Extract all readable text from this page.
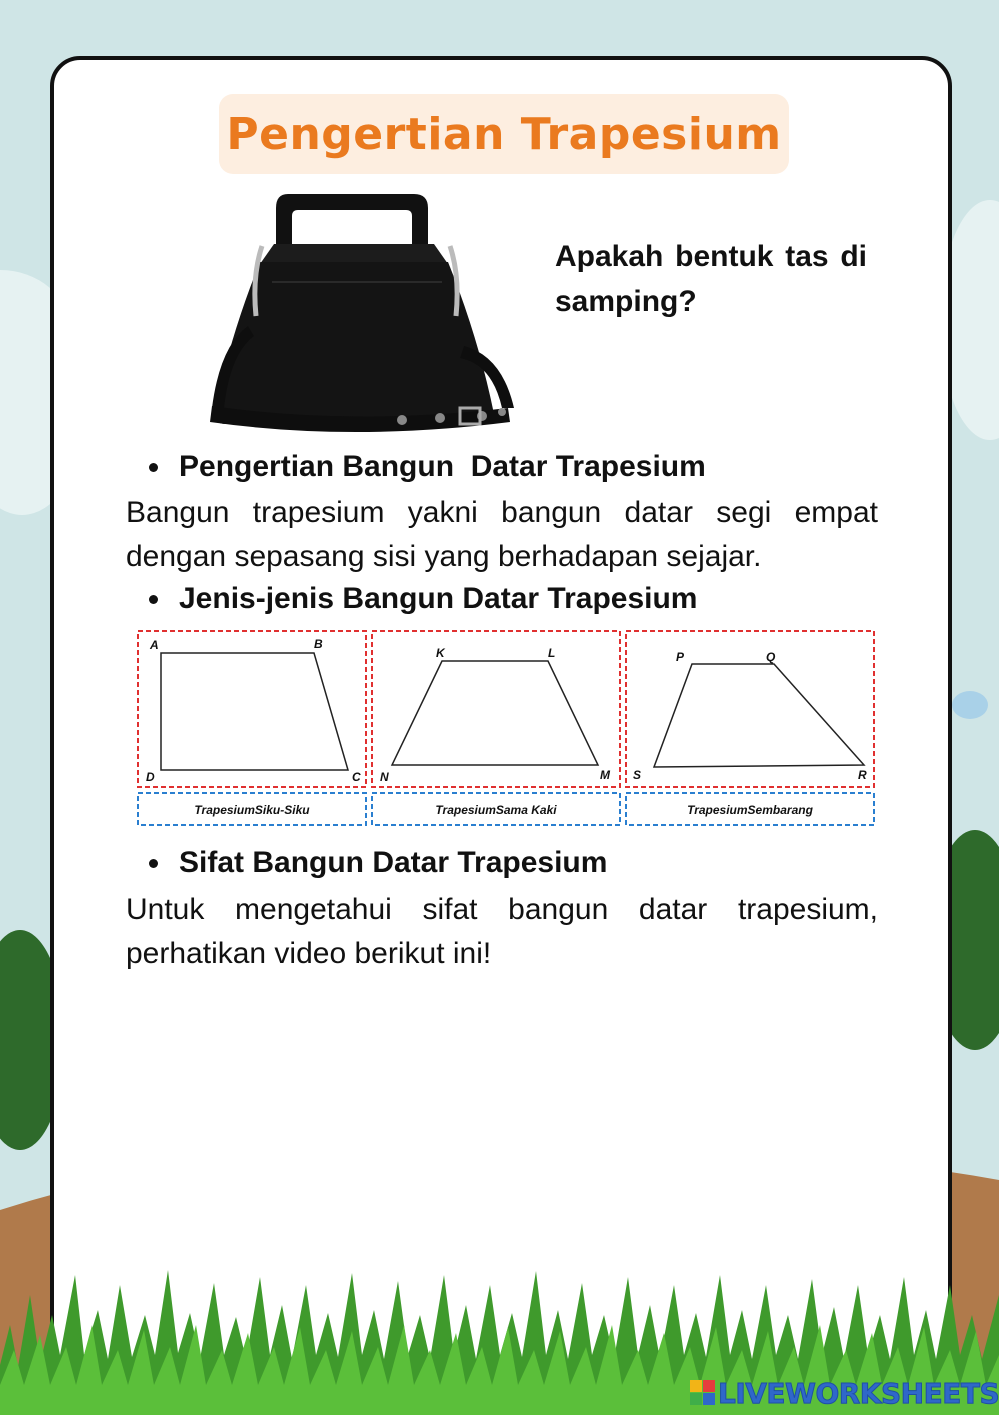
Pengertian Trapesium
Apakah bentuk tas di samping?
Pengertian Bangun  Datar Trapesium
Bangun trapesium yakni bangun datar segi empat dengan sepasang sisi yang berhadapan sejajar.
Jenis-jenis Bangun Datar Trapesium
A	B
C
D
TrapesiumSiku-Siku
K	L
M
N
TrapesiumSama Kaki
P	Q
R
S
TrapesiumSembarang
Sifat Bangun Datar Trapesium
Untuk mengetahui sifat bangun datar trapesium, perhatikan video berikut ini!
LIVEWORKSHEETS
